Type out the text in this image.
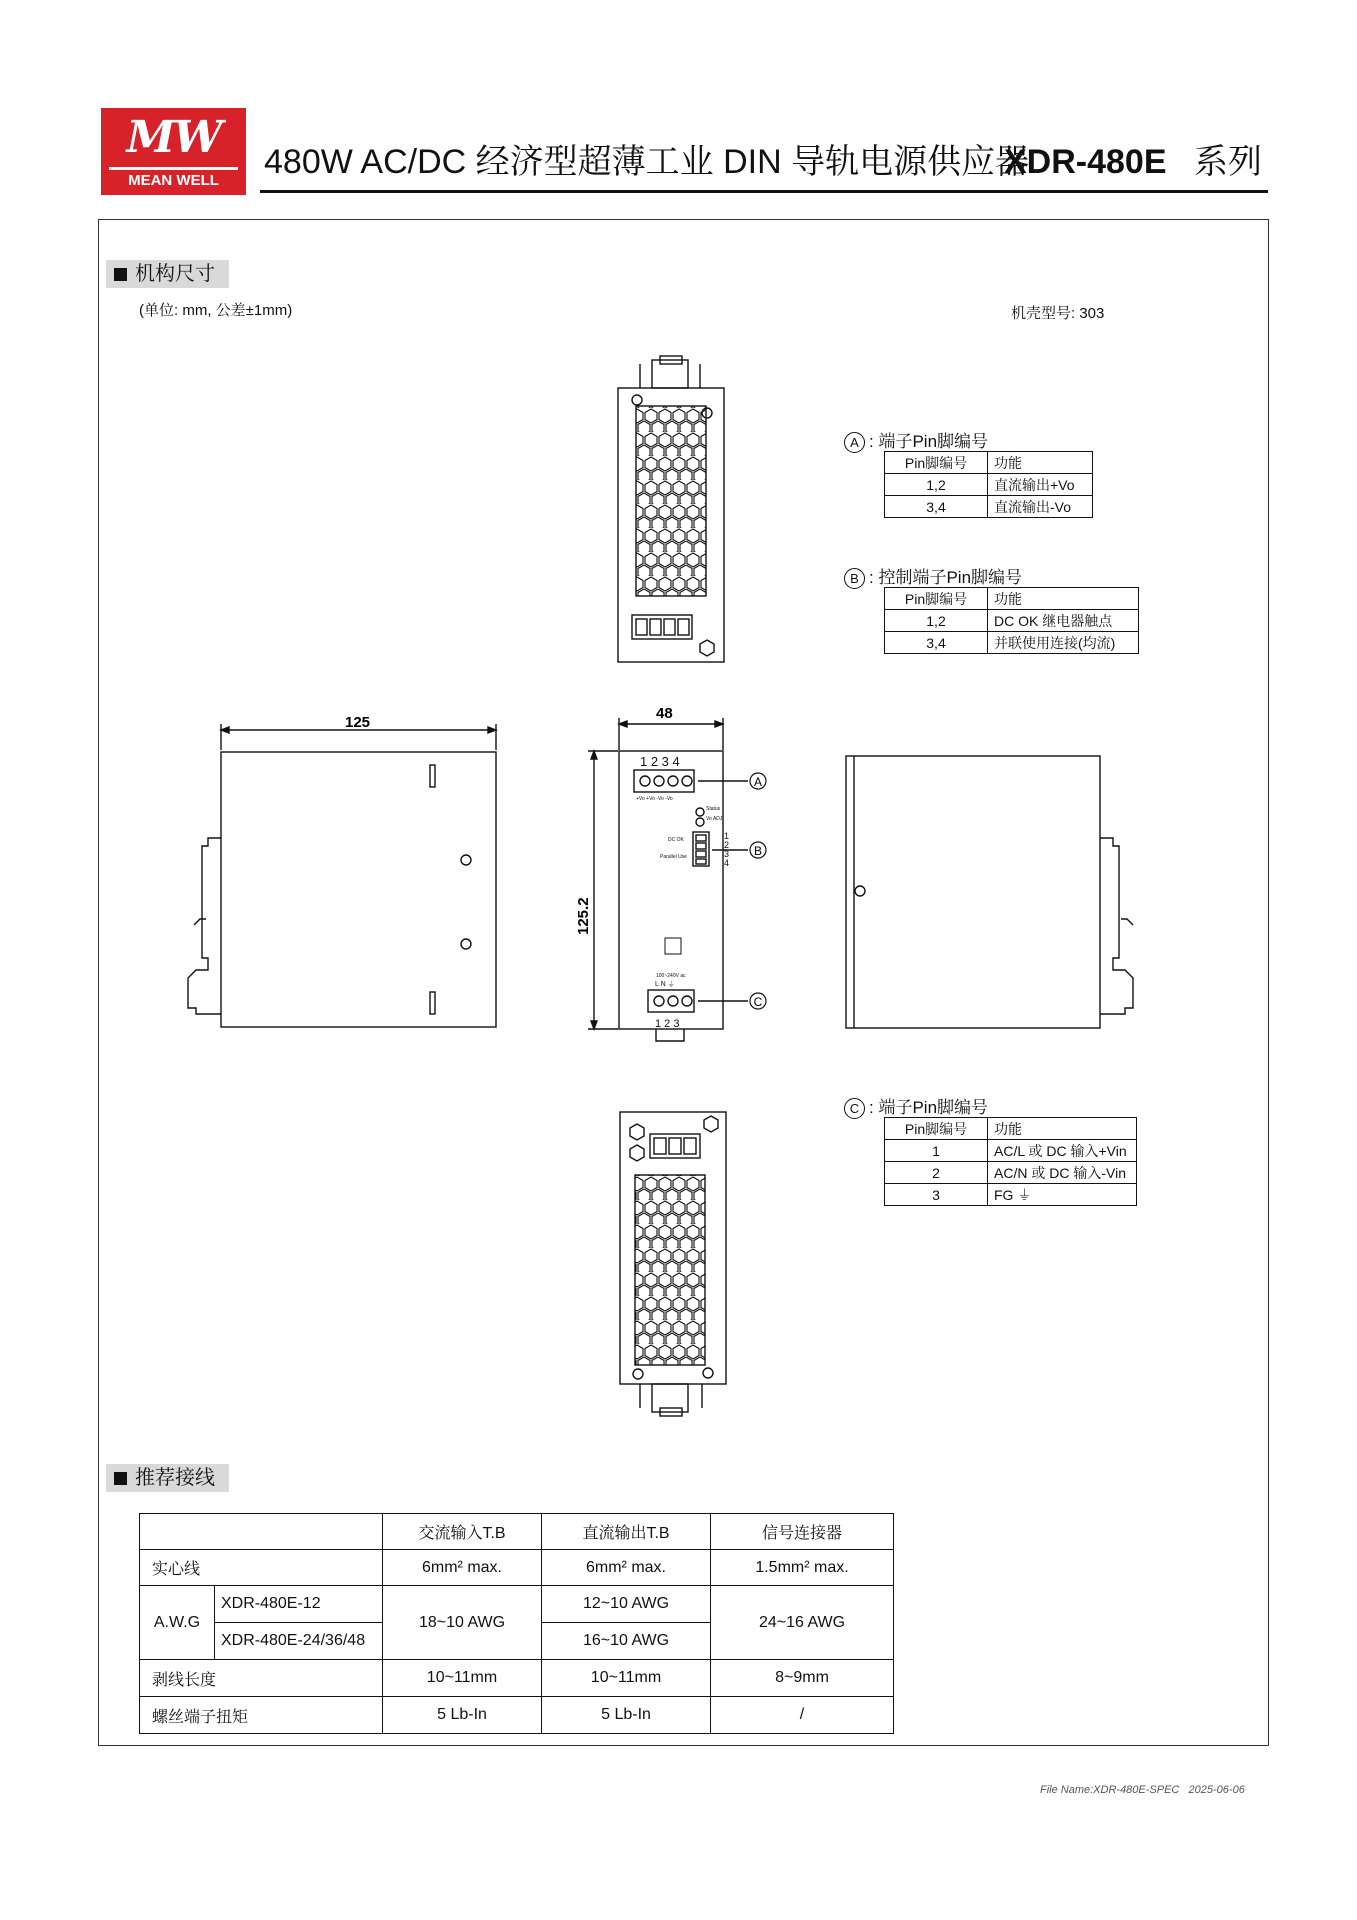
MW
MEAN WELL	480W AC/DC 经济型超薄工业 DIN 导轨电源供应器
XDR-480E 系列
机构尺寸
(单位: mm, 公差±1mm)	机壳型号: 303
125
48
125.2
A
B
C
1 2 3 4
+Vo +Vo -Vo -Vo
Status
Vo ADJ.
DC OK
Parallel Use
1
2
3
4
100~240V ac
L N ⏚
1 2 3
A : 端子Pin脚编号
Pin脚编号	功能
1,2	直流输出+Vo
3,4	直流输出-Vo
B : 控制端子Pin脚编号
Pin脚编号	功能
1,2	DC OK 继电器触点
3,4	并联使用连接(均流)
C : 端子Pin脚编号
Pin脚编号	功能
1	AC/L 或 DC 输入+Vin
2	AC/N 或 DC 输入-Vin
3	FG ⏚
推荐接线
		交流输入T.B	直流输出T.B	信号连接器
实心线		6mm² max.	6mm² max.	1.5mm² max.
A.W.G	XDR-480E-12	18~10 AWG	12~10 AWG	24~16 AWG
	XDR-480E-24/36/48		16~10 AWG	
剥线长度		10~11mm	10~11mm	8~9mm
螺丝端子扭矩		5 Lb-In	5 Lb-In	/
File Name:XDR-480E-SPEC 2025-06-06
